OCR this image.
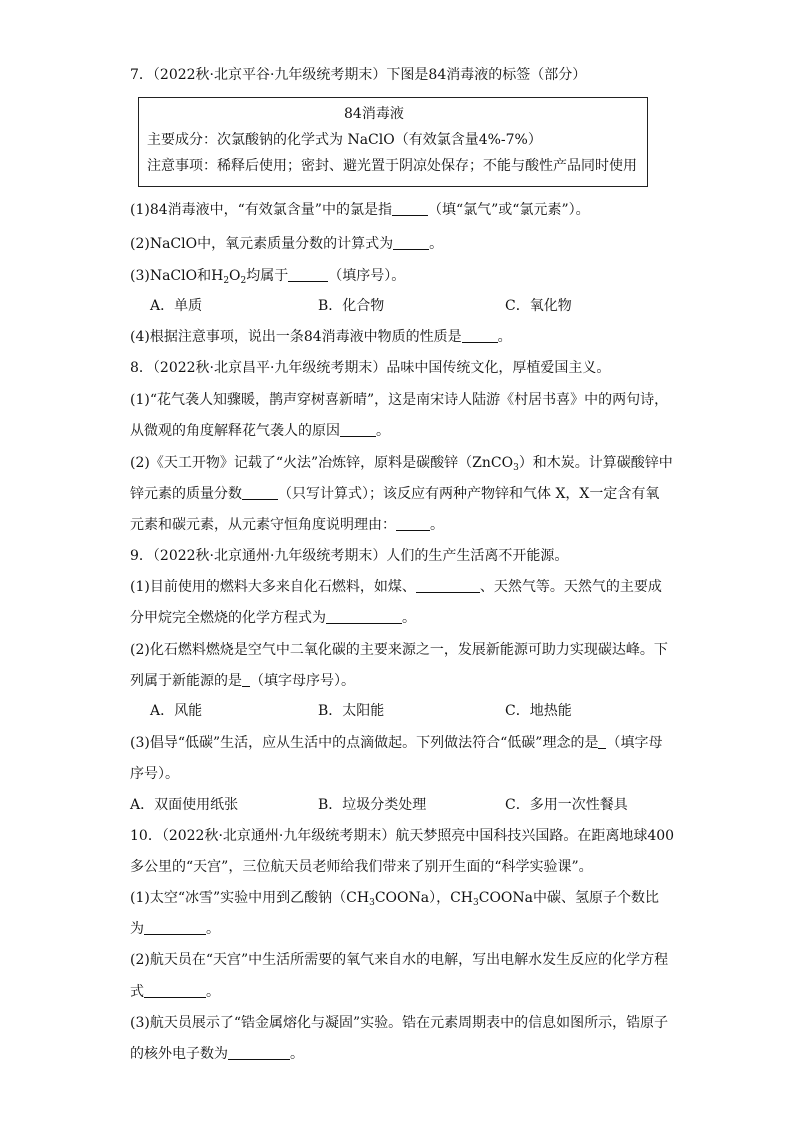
7．（2022秋·北京平谷·九年级统考期末）下图是84消毒液的标签（部分）
84消毒液
主要成分：次氯酸钠的化学式为 NaClO（有效氯含量4%-7%）
注意事项：稀释后使用；密封、避光置于阴凉处保存；不能与酸性产品同时使用
(1)84消毒液中，“有效氯含量”中的氯是指	（填“氯气”或“氯元素”）。
(2)NaClO中，氧元素质量分数的计算式为	。
(3)NaClO和$H_2O_2$均属于	（填序号）。
A．单质	B．化合物	C．氧化物
(4)根据注意事项，说出一条84消毒液中物质的性质是	。
8．（2022秋·北京昌平·九年级统考期末）品味中国传统文化，厚植爱国主义。
(1)“花气袭人知骤暖，鹊声穿树喜新晴”，这是南宋诗人陆游《村居书喜》中的两句诗，
从微观的角度解释花气袭人的原因	。
(2)《天工开物》记载了“火法”冶炼锌，原料是碳酸锌（ZnCO$_3$）和木炭。计算碳酸锌中
锌元素的质量分数	（只写计算式）；该反应有两种产物锌和气体 X，X一定含有氧
元素和碳元素，从元素守恒角度说明理由： 。
9．（2022秋·北京通州·九年级统考期末）人们的生产生活离不开能源。
(1)目前使用的燃料大多来自化石燃料，如煤、	、天然气等。天然气的主要成
分甲烷完全燃烧的化学方程式为	。
(2)化石燃料燃烧是空气中二氧化碳的主要来源之一，发展新能源可助力实现碳达峰。下
列属于新能源的是 （填字母序号）。
A．风能	B．太阳能	C．地热能
(3)倡导“低碳”生活，应从生活中的点滴做起。下列做法符合“低碳”理念的是 （填字母
序号）。
A．双面使用纸张	B．垃圾分类处理	C．多用一次性餐具
10．（2022秋·北京通州·九年级统考期末）航天梦照亮中国科技兴国路。在距离地球400
多公里的“天宫”，三位航天员老师给我们带来了别开生面的“科学实验课”。
(1)太空“冰雪”实验中用到乙酸钠$(CH_3COONa)$，$CH_3COONa$中碳、氢原子个数比
为	。
(2)航天员在“天宫”中生活所需要的氧气来自水的电解，写出电解水发生反应的化学方程
式	。
(3)航天员展示了“锆金属熔化与凝固”实验。锆在元素周期表中的信息如图所示，锆原子
的核外电子数为	。
